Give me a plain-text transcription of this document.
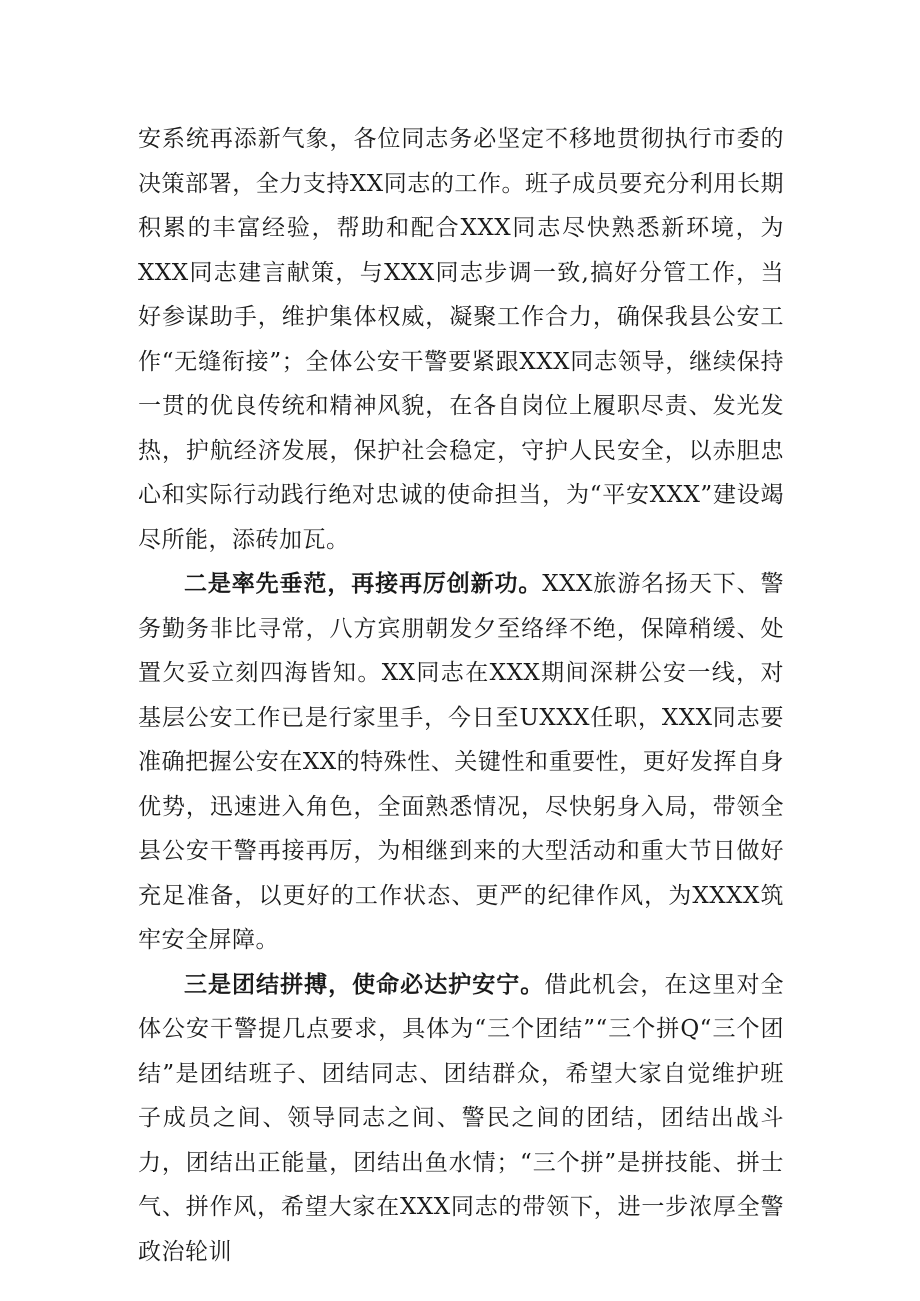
安系统再添新气象，各位同志务必坚定不移地贯彻执行市委的决策部署，全力支持XX同志的工作。班子成员要充分利用长期积累的丰富经验，帮助和配合XXX同志尽快熟悉新环境，为XXX同志建言献策，与XXX同志步调一致,搞好分管工作，当好参谋助手，维护集体权威，凝聚工作合力，确保我县公安工作“无缝衔接”；全体公安干警要紧跟XXX同志领导，继续保持一贯的优良传统和精神风貌，在各自岗位上履职尽责、发光发热，护航经济发展，保护社会稳定，守护人民安全，以赤胆忠心和实际行动践行绝对忠诚的使命担当，为“平安XXX”建设竭尽所能，添砖加瓦。

二是率先垂范，再接再厉创新功。XXX旅游名扬天下、警务勤务非比寻常，八方宾朋朝发夕至络绎不绝，保障稍缓、处置欠妥立刻四海皆知。XX同志在XXX期间深耕公安一线，对基层公安工作已是行家里手，今日至UXXX任职，XXX同志要准确把握公安在XX的特殊性、关键性和重要性，更好发挥自身优势，迅速进入角色，全面熟悉情况，尽快躬身入局，带领全县公安干警再接再厉，为相继到来的大型活动和重大节日做好充足准备，以更好的工作状态、更严的纪律作风，为XXXX筑牢安全屏障。

三是团结拼搏，使命必达护安宁。借此机会，在这里对全体公安干警提几点要求，具体为“三个团结”“三个拼Q“三个团结”是团结班子、团结同志、团结群众，希望大家自觉维护班子成员之间、领导同志之间、警民之间的团结，团结出战斗力，团结出正能量，团结出鱼水情；“三个拼”是拼技能、拼士气、拼作风，希望大家在XXX同志的带领下，进一步浓厚全警政治轮训
